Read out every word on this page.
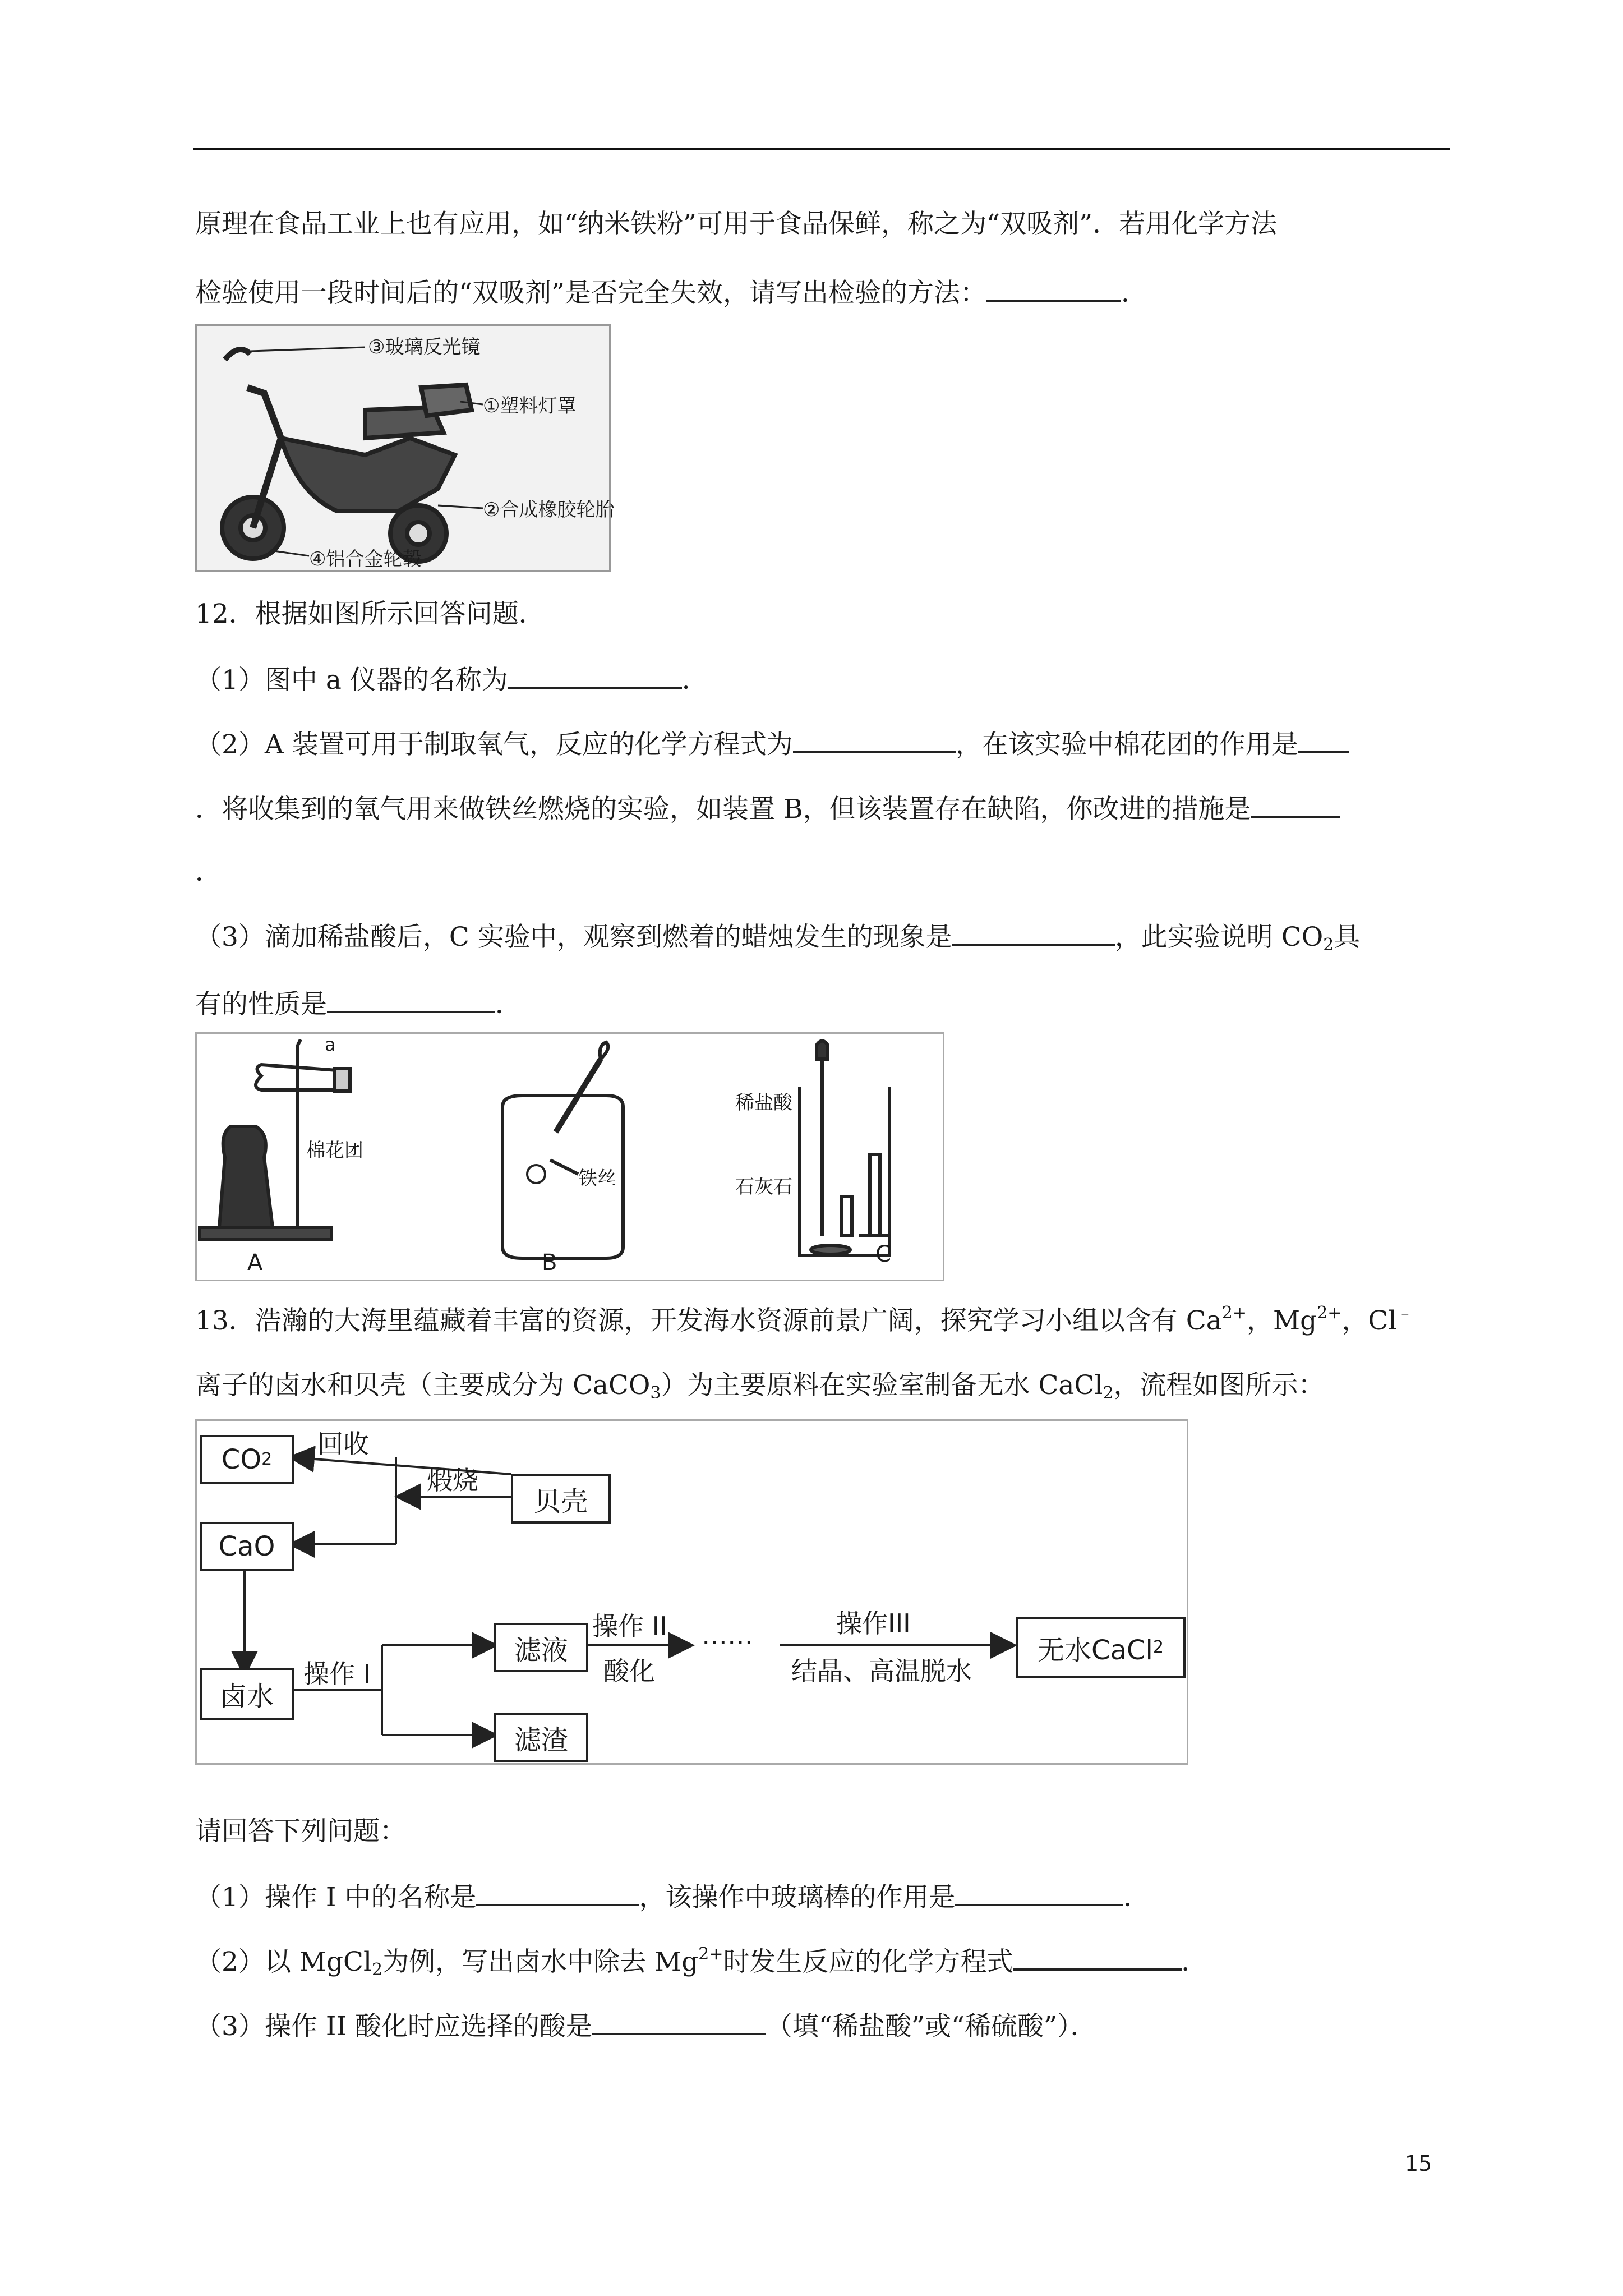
原理在食品工业上也有应用，如“纳米铁粉”可用于食品保鲜，称之为“双吸剂”．若用化学方法
检验使用一段时间后的“双吸剂”是否完全失效，请写出检验的方法：	．
③玻璃反光镜
①塑料灯罩
②合成橡胶轮胎
④铝合金轮毂
12．根据如图所示回答问题．
（1）图中 a 仪器的名称为	．
（2）A 装置可用于制取氧气，反应的化学方程式为	，在该实验中棉花团的作用是
．将收集到的氧气用来做铁丝燃烧的实验，如装置 B，但该装置存在缺陷，你改进的措施是
．
（3）滴加稀盐酸后，C 实验中，观察到燃着的蜡烛发生的现象是	，此实验说明 $CO_2$具
有的性质是	．
a
棉花团
铁丝
稀盐酸
石灰石
A	B	C
13．浩瀚的大海里蕴藏着丰富的资源，开发海水资源前景广阔，探究学习小组以含有 $Ca^{2+}$，$Mg^{2+}$，Cl﹣
离子的卤水和贝壳（主要成分为 CaCO$_3$）为主要原料在实验室制备无水 CaCl$_2$，流程如图所示：
CO 2
CaO
贝壳
卤水
滤液
滤渣
无水CaCl 2
回收
煅烧
操作 I
操作 II
酸化
……	操作III
结晶、高温脱水
请回答下列问题：
（1）操作 I 中的名称是	，该操作中玻璃棒的作用是	．
（2）以 MgCl$_2$为例，写出卤水中除去 $Mg^{2+}$时发生反应的化学方程式	．
（3）操作 II 酸化时应选择的酸是	（填“稀盐酸”或“稀硫酸”）．
15
